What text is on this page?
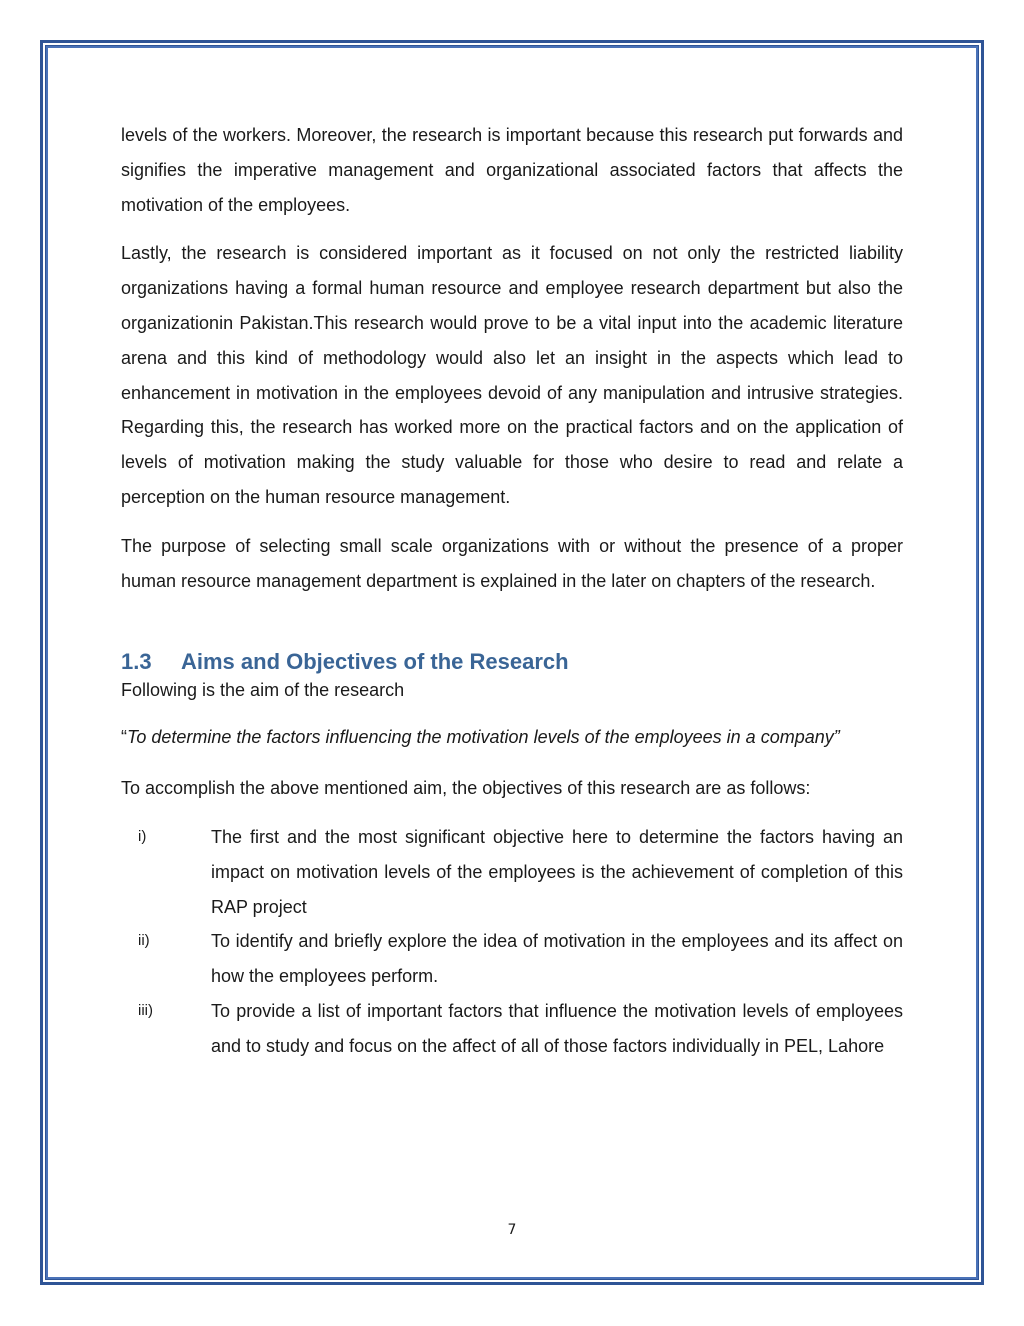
levels of the workers. Moreover, the research is important because this research put forwards and signifies the imperative management and organizational associated factors that affects the motivation of the employees.

Lastly, the research is considered important as it focused on not only the restricted liability organizations having a formal human resource and employee research department but also the organizationin Pakistan.This research would prove to be a vital input into the academic literature arena and this kind of methodology would also let an insight in the aspects which lead to enhancement in motivation in the employees devoid of any manipulation and intrusive strategies. Regarding this, the research has worked more on the practical factors and on the application of levels of motivation making the study valuable for those who desire to read and relate a perception on the human resource management.

The purpose of selecting small scale organizations with or without the presence of a proper human resource management department is explained in the later on chapters of the research.

1.3	Aims and Objectives of the Research

Following is the aim of the research

“To determine the factors influencing the motivation levels of the employees in a company”

To accomplish the above mentioned aim, the objectives of this research are as follows:

i)	The first and the most significant objective here to determine the factors having an impact on motivation levels of the employees is the achievement of completion of this RAP project
ii)	To identify and briefly explore the idea of motivation in the employees and its affect on how the employees perform.
iii)	To provide a list of important factors that influence the motivation levels of employees and to study and focus on the affect of all of those factors individually in PEL, Lahore
7
